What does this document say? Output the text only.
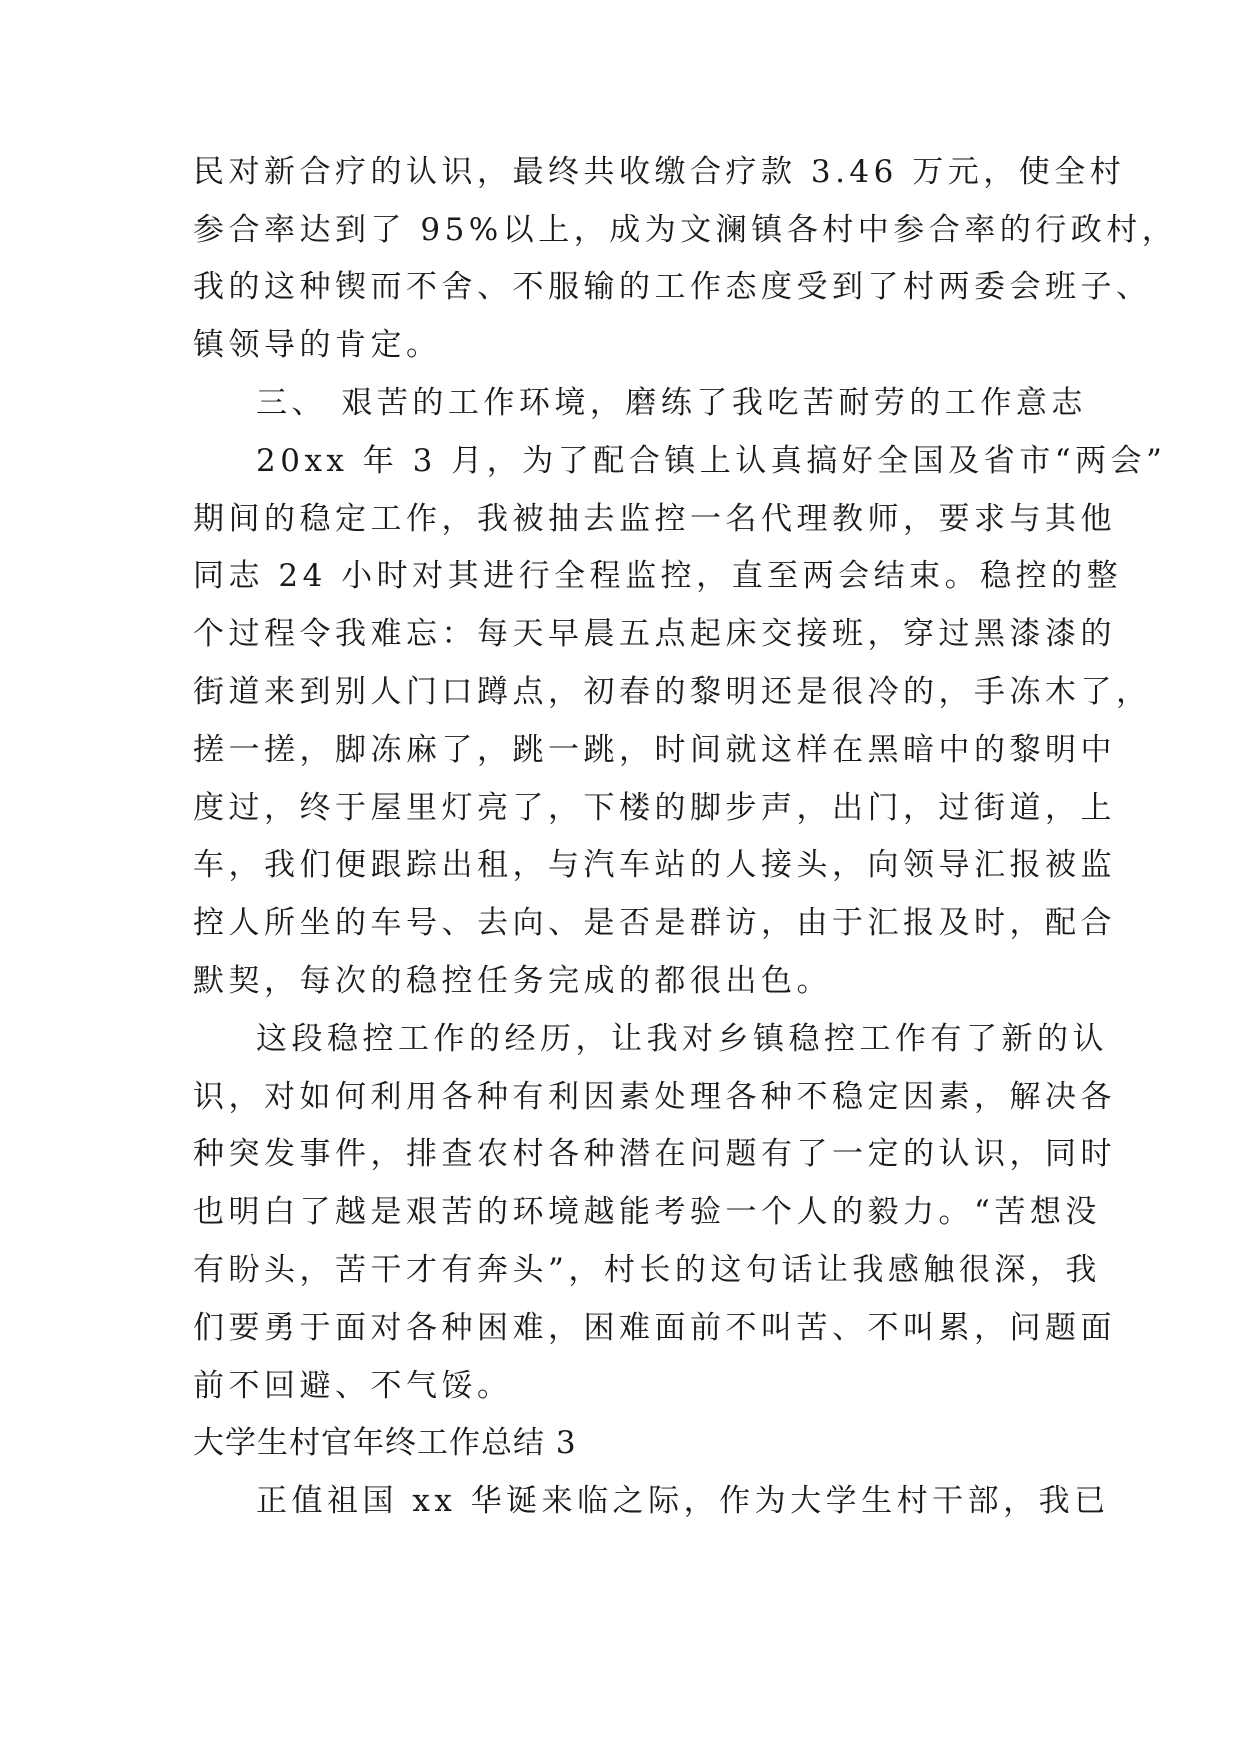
民对新合疗的认识，最终共收缴合疗款 3.46 万元，使全村
参合率达到了 95%以上，成为文澜镇各村中参合率的行政村，
我的这种锲而不舍、不服输的工作态度受到了村两委会班子、
镇领导的肯定。
三、 艰苦的工作环境，磨练了我吃苦耐劳的工作意志
20xx 年 3 月，为了配合镇上认真搞好全国及省市“两会”
期间的稳定工作，我被抽去监控一名代理教师，要求与其他
同志 24 小时对其进行全程监控，直至两会结束。稳控的整
个过程令我难忘：每天早晨五点起床交接班，穿过黑漆漆的
街道来到别人门口蹲点，初春的黎明还是很冷的，手冻木了，
搓一搓，脚冻麻了，跳一跳，时间就这样在黑暗中的黎明中
度过，终于屋里灯亮了，下楼的脚步声，出门，过街道，上
车，我们便跟踪出租，与汽车站的人接头，向领导汇报被监
控人所坐的车号、去向、是否是群访，由于汇报及时，配合
默契，每次的稳控任务完成的都很出色。
这段稳控工作的经历，让我对乡镇稳控工作有了新的认
识，对如何利用各种有利因素处理各种不稳定因素，解决各
种突发事件，排查农村各种潜在问题有了一定的认识，同时
也明白了越是艰苦的环境越能考验一个人的毅力。“苦想没
有盼头，苦干才有奔头”，村长的这句话让我感触很深，我
们要勇于面对各种困难，困难面前不叫苦、不叫累，问题面
前不回避、不气馁。
大学生村官年终工作总结 3
正值祖国 xx 华诞来临之际，作为大学生村干部，我已
